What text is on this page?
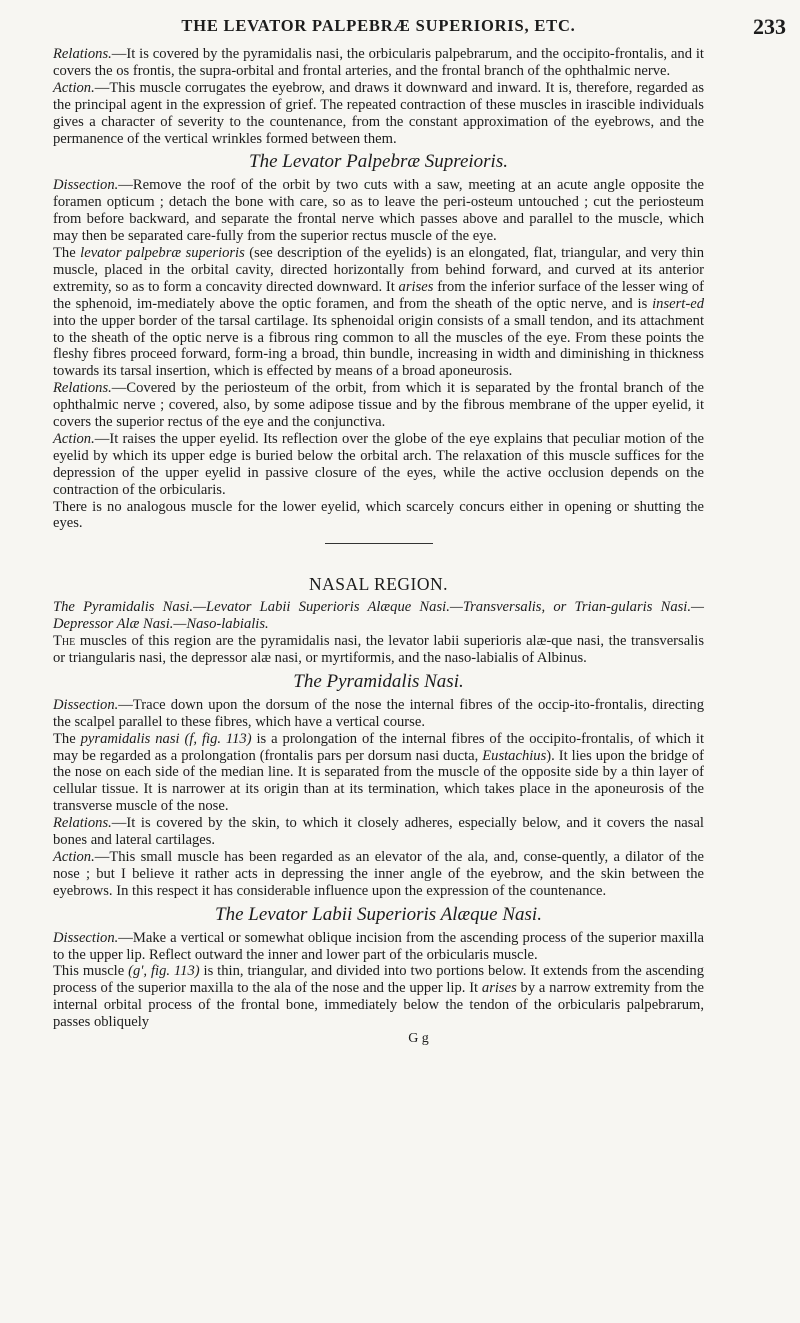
THE LEVATOR PALPEBRÆ SUPERIORIS, ETC.	233

Relations.—It is covered by the pyramidalis nasi, the orbicularis palpebrarum, and the occipito-frontalis, and it covers the os frontis, the supra-orbital and frontal arteries, and the frontal branch of the ophthalmic nerve.

Action.—This muscle corrugates the eyebrow, and draws it downward and inward. It is, therefore, regarded as the principal agent in the expression of grief. The repeated contraction of these muscles in irascible individuals gives a character of severity to the countenance, from the constant approximation of the eyebrows, and the permanence of the vertical wrinkles formed between them.

The Levator Palpebræ Supreioris.

Dissection.—Remove the roof of the orbit by two cuts with a saw, meeting at an acute angle opposite the foramen opticum ; detach the bone with care, so as to leave the peri-osteum untouched ; cut the periosteum from before backward, and separate the frontal nerve which passes above and parallel to the muscle, which may then be separated care-fully from the superior rectus muscle of the eye.

The levator palpebræ superioris (see description of the eyelids) is an elongated, flat, triangular, and very thin muscle, placed in the orbital cavity, directed horizontally from behind forward, and curved at its anterior extremity, so as to form a concavity directed downward. It arises from the inferior surface of the lesser wing of the sphenoid, im-mediately above the optic foramen, and from the sheath of the optic nerve, and is insert-ed into the upper border of the tarsal cartilage. Its sphenoidal origin consists of a small tendon, and its attachment to the sheath of the optic nerve is a fibrous ring common to all the muscles of the eye. From these points the fleshy fibres proceed forward, form-ing a broad, thin bundle, increasing in width and diminishing in thickness towards its tarsal insertion, which is effected by means of a broad aponeurosis.

Relations.—Covered by the periosteum of the orbit, from which it is separated by the frontal branch of the ophthalmic nerve ; covered, also, by some adipose tissue and by the fibrous membrane of the upper eyelid, it covers the superior rectus of the eye and the conjunctiva.

Action.—It raises the upper eyelid. Its reflection over the globe of the eye explains that peculiar motion of the eyelid by which its upper edge is buried below the orbital arch. The relaxation of this muscle suffices for the depression of the upper eyelid in passive closure of the eyes, while the active occlusion depends on the contraction of the orbicularis.

There is no analogous muscle for the lower eyelid, which scarcely concurs either in opening or shutting the eyes.

NASAL REGION.

The Pyramidalis Nasi.—Levator Labii Superioris Alæque Nasi.—Transversalis, or Trian-gularis Nasi.—Depressor Alæ Nasi.—Naso-labialis.

The muscles of this region are the pyramidalis nasi, the levator labii superioris alæ-que nasi, the transversalis or triangularis nasi, the depressor alæ nasi, or myrtiformis, and the naso-labialis of Albinus.

The Pyramidalis Nasi.

Dissection.—Trace down upon the dorsum of the nose the internal fibres of the occip-ito-frontalis, directing the scalpel parallel to these fibres, which have a vertical course.

The pyramidalis nasi (f, fig. 113) is a prolongation of the internal fibres of the occipito-frontalis, of which it may be regarded as a prolongation (frontalis pars per dorsum nasi ducta, Eustachius). It lies upon the bridge of the nose on each side of the median line. It is separated from the muscle of the opposite side by a thin layer of cellular tissue. It is narrower at its origin than at its termination, which takes place in the aponeurosis of the transverse muscle of the nose.

Relations.—It is covered by the skin, to which it closely adheres, especially below, and it covers the nasal bones and lateral cartilages.

Action.—This small muscle has been regarded as an elevator of the ala, and, conse-quently, a dilator of the nose ; but I believe it rather acts in depressing the inner angle of the eyebrow, and the skin between the eyebrows. In this respect it has considerable influence upon the expression of the countenance.

The Levator Labii Superioris Alæque Nasi.

Dissection.—Make a vertical or somewhat oblique incision from the ascending process of the superior maxilla to the upper lip. Reflect outward the inner and lower part of the orbicularis muscle.

This muscle (g', fig. 113) is thin, triangular, and divided into two portions below. It extends from the ascending process of the superior maxilla to the ala of the nose and the upper lip. It arises by a narrow extremity from the internal orbital process of the frontal bone, immediately below the tendon of the orbicularis palpebrarum, passes obliquely

G g
